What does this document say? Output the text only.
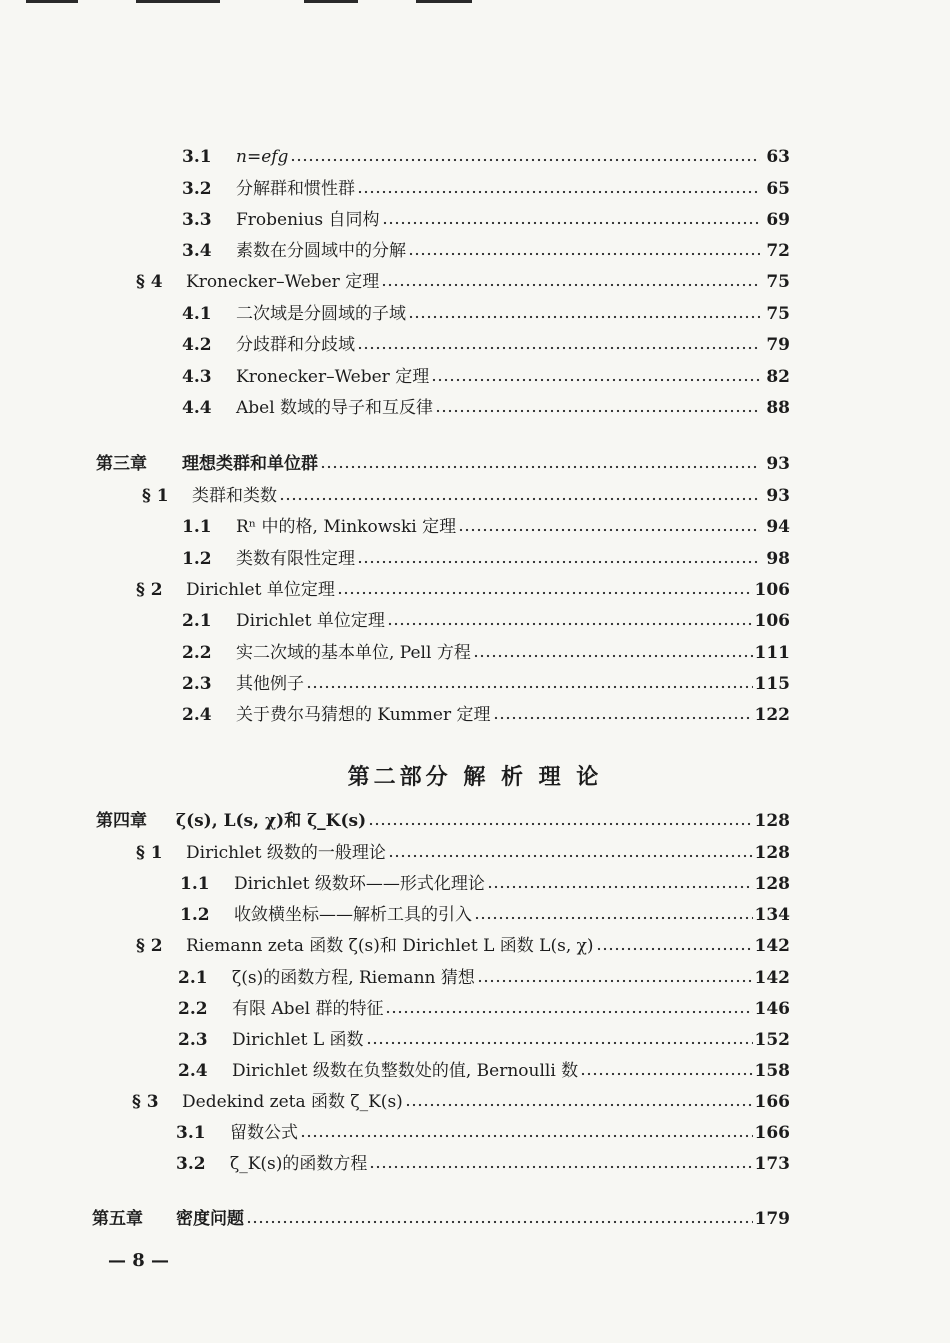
3.1	n=efg	63
3.2	分解群和惯性群	65
3.3	Frobenius 自同构	69
3.4	素数在分圆域中的分解	72
§ 4	Kronecker–Weber 定理	75
4.1	二次域是分圆域的子域	75
4.2	分歧群和分歧域	79
4.3	Kronecker–Weber 定理	82
4.4	Abel 数域的导子和互反律	88
第三章	理想类群和单位群	93
§ 1	类群和类数	93
1.1	Rⁿ 中的格, Minkowski 定理	94
1.2	类数有限性定理	98
§ 2	Dirichlet 单位定理	106
2.1	Dirichlet 单位定理	106
2.2	实二次域的基本单位, Pell 方程	111
2.3	其他例子	115
2.4	关于费尔马猜想的 Kummer 定理	122
第二部分 解 析 理 论
第四章	ζ(s), L(s, χ)和 ζ_K(s)	128
§ 1	Dirichlet 级数的一般理论	128
1.1	Dirichlet 级数环——形式化理论	128
1.2	收敛横坐标——解析工具的引入	134
§ 2	Riemann zeta 函数 ζ(s)和 Dirichlet L 函数 L(s, χ)	142
2.1	ζ(s)的函数方程, Riemann 猜想	142
2.2	有限 Abel 群的特征	146
2.3	Dirichlet L 函数	152
2.4	Dirichlet 级数在负整数处的值, Bernoulli 数	158
§ 3	Dedekind zeta 函数 ζ_K(s)	166
3.1	留数公式	166
3.2	ζ_K(s)的函数方程	173
第五章	密度问题	179
— 8 —
